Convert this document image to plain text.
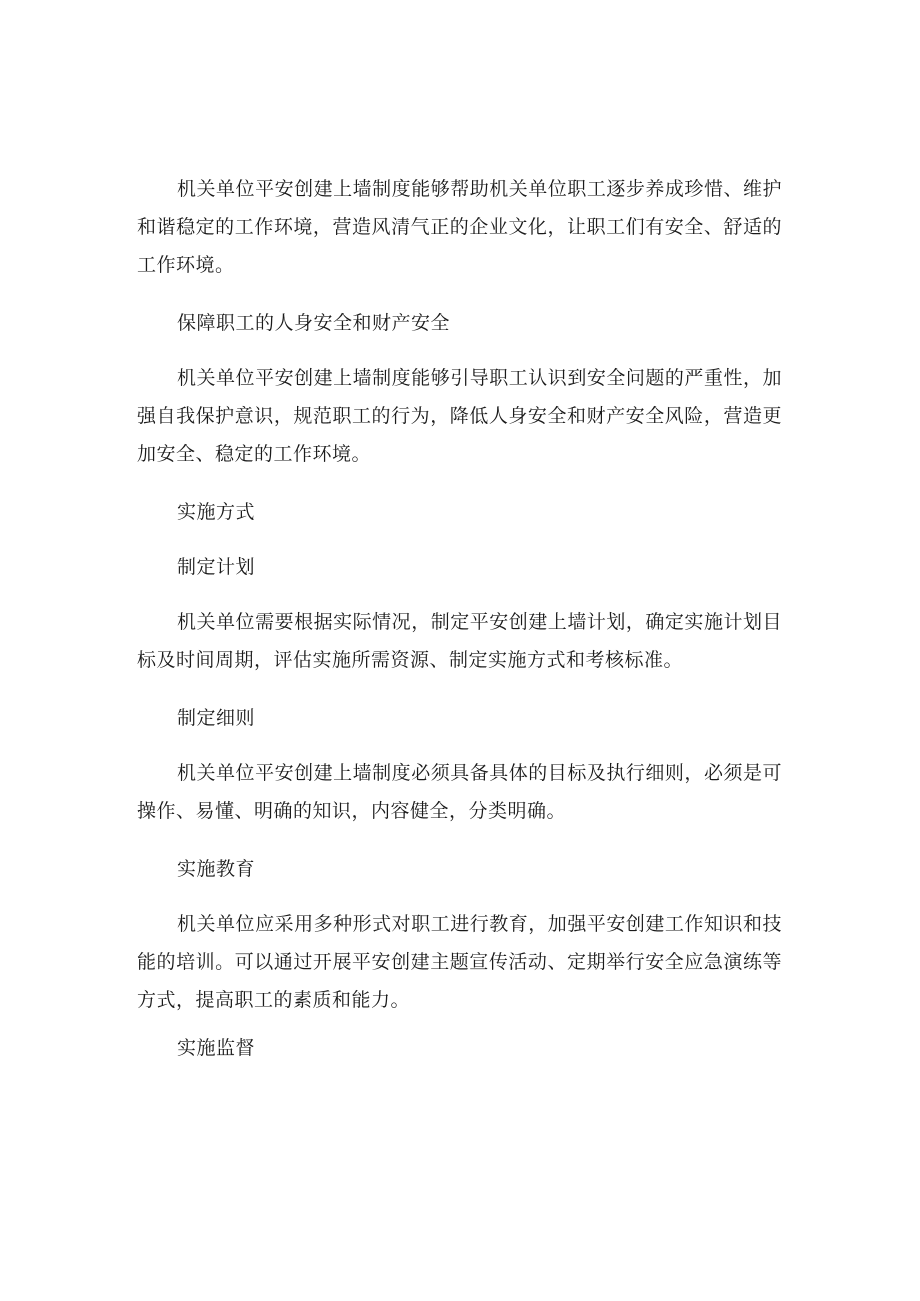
机关单位平安创建上墙制度能够帮助机关单位职工逐步养成珍惜、维护和谐稳定的工作环境，营造风清气正的企业文化，让职工们有安全、舒适的工作环境。

保障职工的人身安全和财产安全

机关单位平安创建上墙制度能够引导职工认识到安全问题的严重性，加强自我保护意识，规范职工的行为，降低人身安全和财产安全风险，营造更加安全、稳定的工作环境。

实施方式

制定计划

机关单位需要根据实际情况，制定平安创建上墙计划，确定实施计划目标及时间周期，评估实施所需资源、制定实施方式和考核标准。

制定细则

机关单位平安创建上墙制度必须具备具体的目标及执行细则，必须是可操作、易懂、明确的知识，内容健全，分类明确。

实施教育

机关单位应采用多种形式对职工进行教育，加强平安创建工作知识和技能的培训。可以通过开展平安创建主题宣传活动、定期举行安全应急演练等方式，提高职工的素质和能力。

实施监督
